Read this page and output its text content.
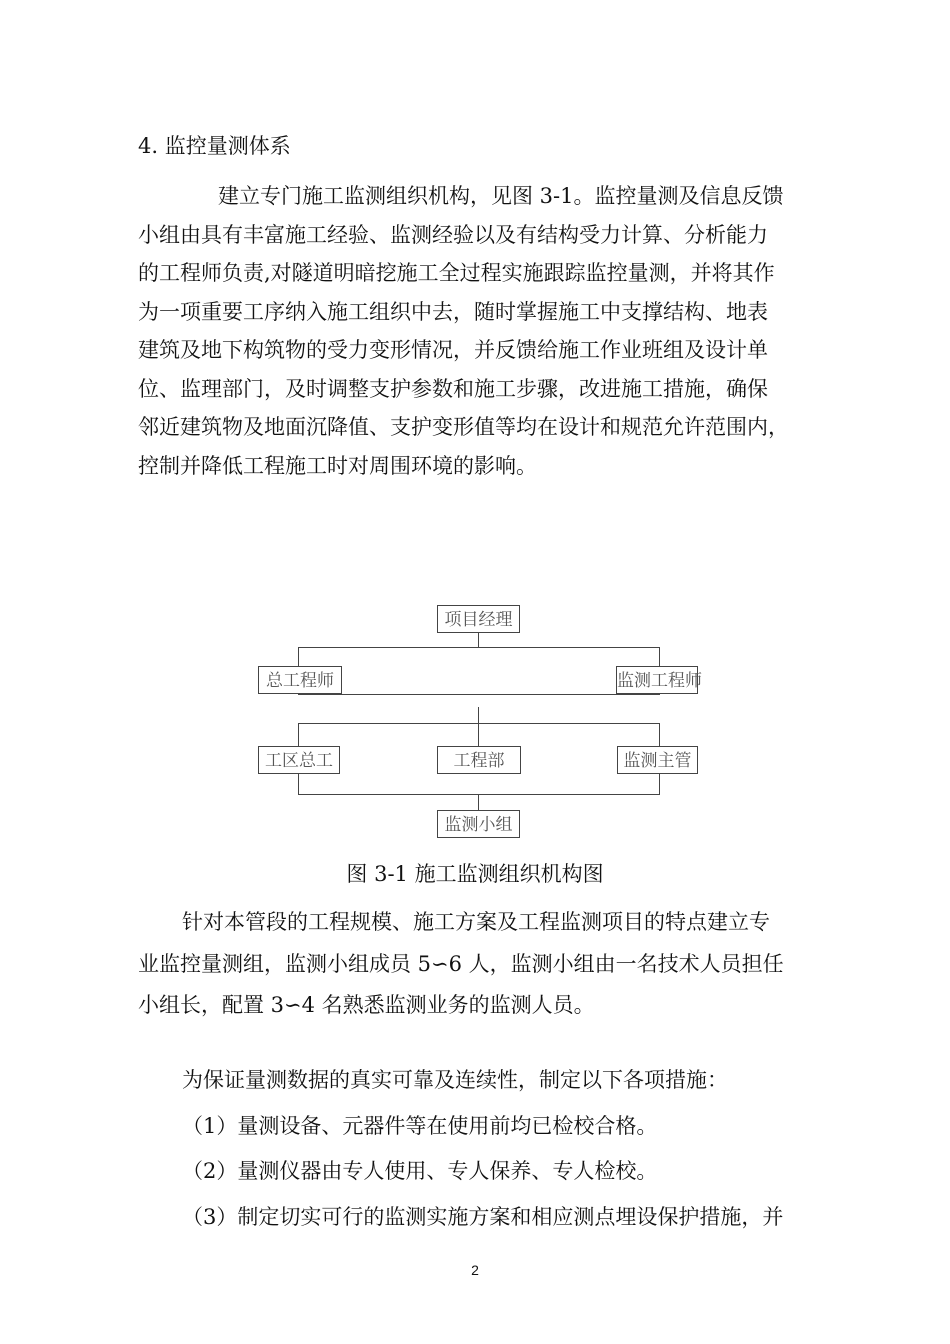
4. 监控量测体系
建立专门施工监测组织机构，见图 3-1。监控量测及信息反馈
小组由具有丰富施工经验、监测经验以及有结构受力计算、分析能力
的工程师负责,对隧道明暗挖施工全过程实施跟踪监控量测，并将其作
为一项重要工序纳入施工组织中去，随时掌握施工中支撑结构、地表
建筑及地下构筑物的受力变形情况，并反馈给施工作业班组及设计单
位、监理部门，及时调整支护参数和施工步骤，改进施工措施，确保
邻近建筑物及地面沉降值、支护变形值等均在设计和规范允许范围内，
控制并降低工程施工时对周围环境的影响。
项目经理
总工程师	监测工程师
工区总工	工程部	监测主管
监测小组
图 3-1 施工监测组织机构图
针对本管段的工程规模、施工方案及工程监测项目的特点建立专
业监控量测组，监测小组成员 5∽6 人，监测小组由一名技术人员担任
小组长，配置 3∽4 名熟悉监测业务的监测人员。
为保证量测数据的真实可靠及连续性，制定以下各项措施：
（1）量测设备、元器件等在使用前均已检校合格。
（2）量测仪器由专人使用、专人保养、专人检校。
（3）制定切实可行的监测实施方案和相应测点埋设保护措施，并
2
